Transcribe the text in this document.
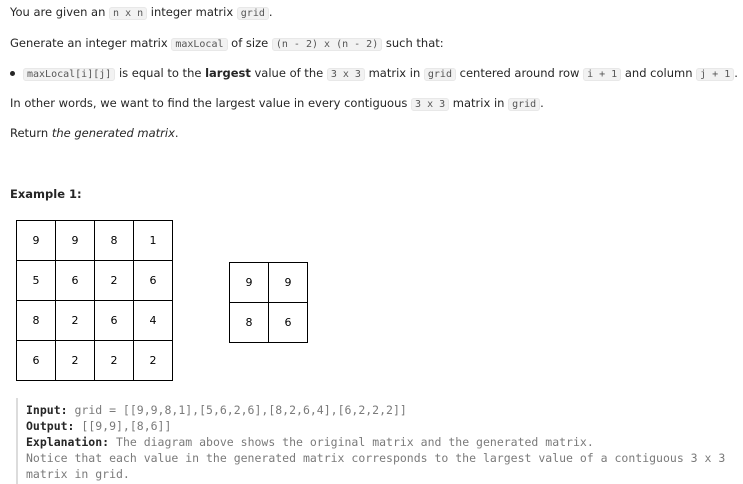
You are given an n x n integer matrix grid .
Generate an integer matrix maxLocal of size (n - 2) x (n - 2) such that:
maxLocal[i][j] is equal to the largest value of the 3 x 3 matrix in grid centered around row i + 1 and column j + 1 .
In other words, we want to find the largest value in every contiguous 3 x 3 matrix in grid .
Return the generated matrix.
Example 1:
9	9	8	1
5	6	2	6
8	2	6	4
6	2	2	2
9	9
8	6
Input: grid = [[9,9,8,1],[5,6,2,6],[8,2,6,4],[6,2,2,2]]
Output: [[9,9],[8,6]]
Explanation: The diagram above shows the original matrix and the generated matrix.
Notice that each value in the generated matrix corresponds to the largest value of a contiguous 3 x 3
matrix in grid.
